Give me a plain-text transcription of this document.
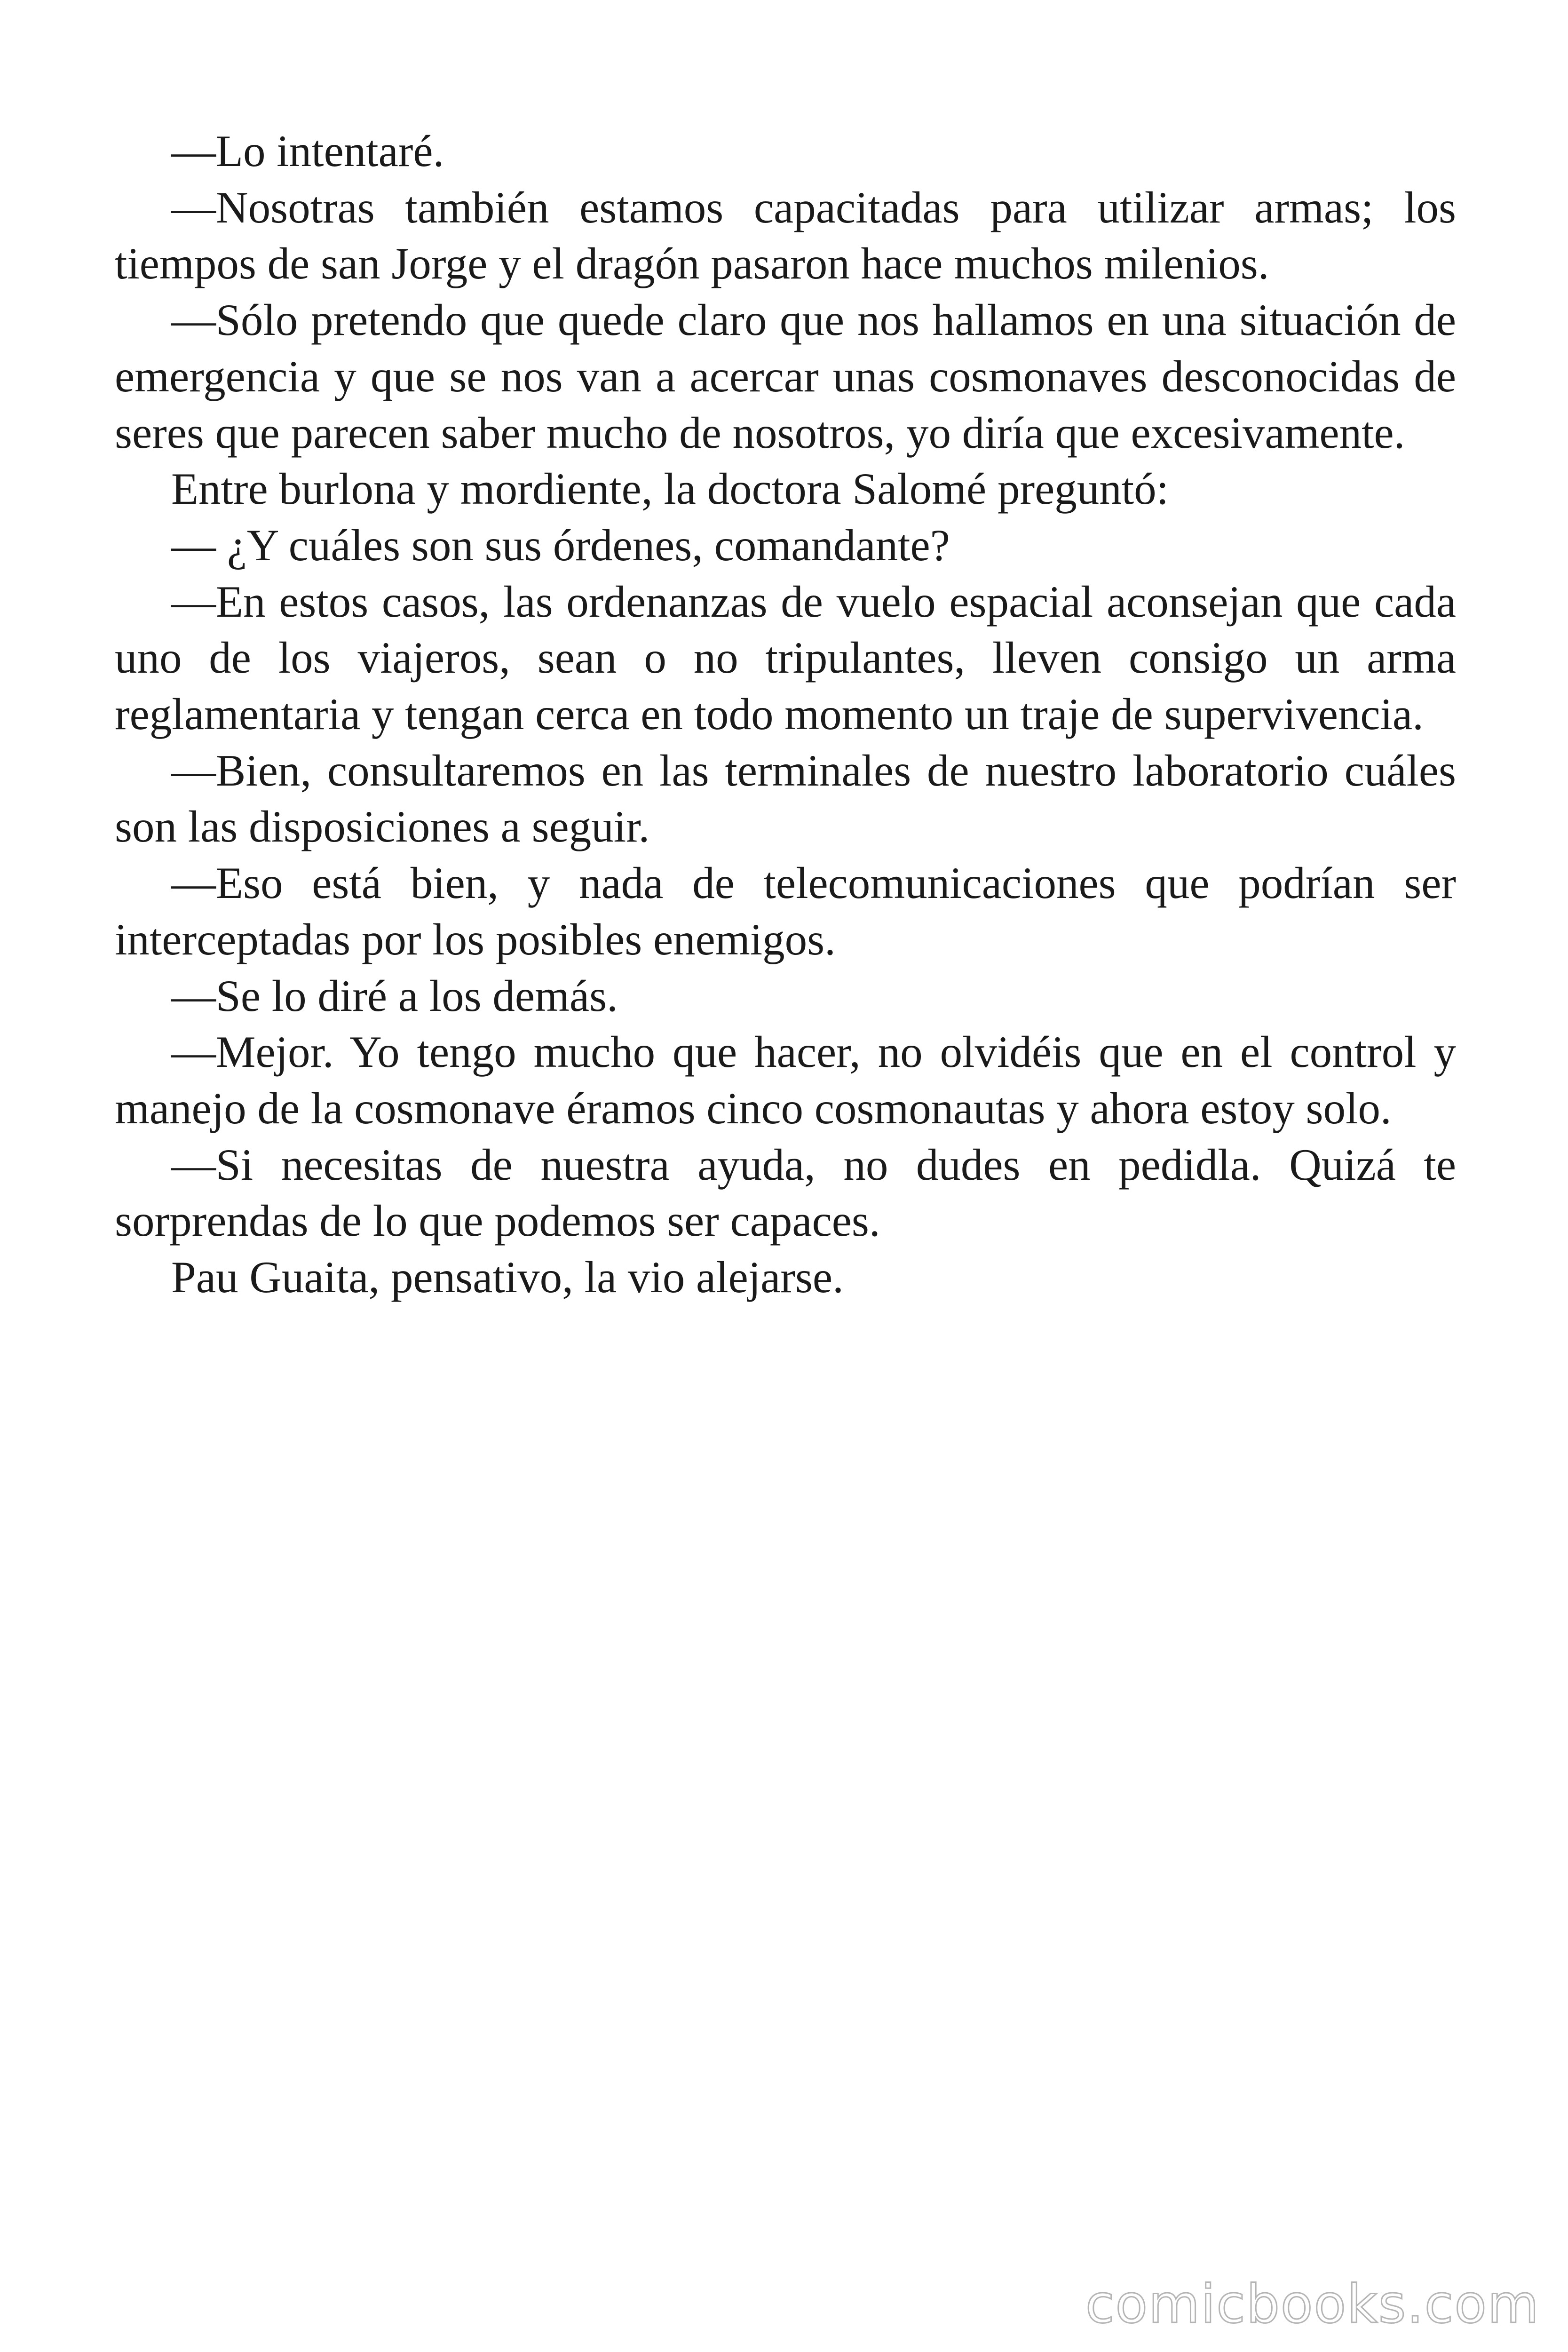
—Lo intentaré.

—Nosotras también estamos capacitadas para utilizar armas; los tiempos de san Jorge y el dragón pasaron hace muchos milenios.

—Sólo pretendo que quede claro que nos hallamos en una situación de emergencia y que se nos van a acercar unas cosmonaves desconocidas de seres que parecen saber mucho de nosotros, yo diría que excesivamente.

Entre burlona y mordiente, la doctora Salomé preguntó:

— ¿Y cuáles son sus órdenes, comandante?

—En estos casos, las ordenanzas de vuelo espacial aconsejan que cada uno de los viajeros, sean o no tripulantes, lleven consigo un arma reglamentaria y tengan cerca en todo momento un traje de supervivencia.

—Bien, consultaremos en las terminales de nuestro laboratorio cuáles son las disposiciones a seguir.

—Eso está bien, y nada de telecomunicaciones que podrían ser interceptadas por los posibles enemigos.

—Se lo diré a los demás.

—Mejor. Yo tengo mucho que hacer, no olvidéis que en el control y manejo de la cosmonave éramos cinco cosmonautas y ahora estoy solo.

—Si necesitas de nuestra ayuda, no dudes en pedidla. Quizá te sorprendas de lo que podemos ser capaces.

Pau Guaita, pensativo, la vio alejarse.

comicbooks.com
